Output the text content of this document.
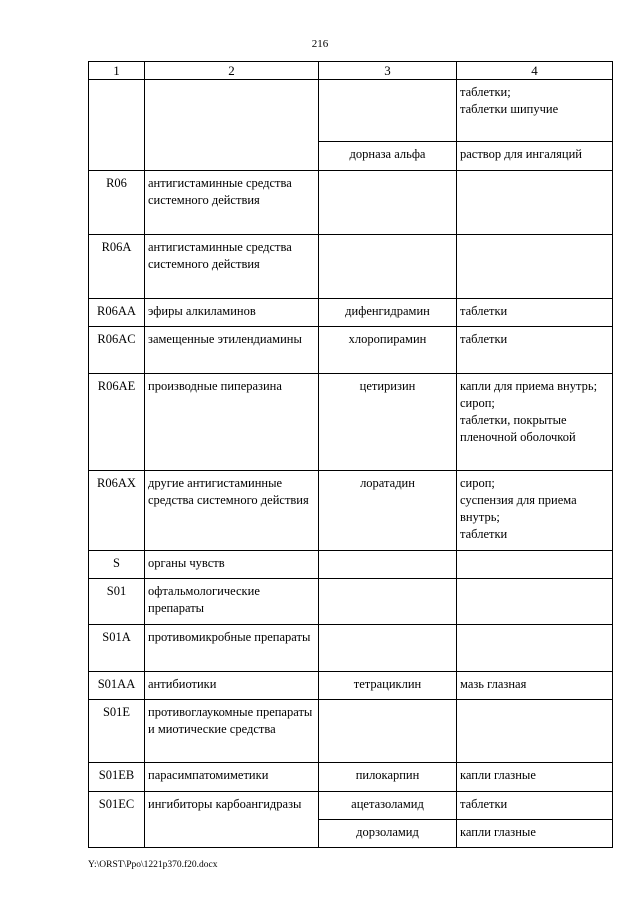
216
1	2	3	4
			таблетки;
таблетки шипучие
		дорназа альфа	раствор для ингаляций
R06	антигистаминные средства системного действия		
R06A	антигистаминные средства системного действия		
R06AA	эфиры алкиламинов	дифенгидрамин	таблетки
R06AC	замещенные этилендиамины	хлоропирамин	таблетки
R06AE	производные пиперазина	цетиризин	капли для приема внутрь;
сироп;
таблетки, покрытые пленочной оболочкой
R06AX	другие антигистаминные средства системного действия	лоратадин	сироп;
суспензия для приема внутрь;
таблетки
S	органы чувств		
S01	офтальмологические препараты		
S01A	противомикробные препараты		
S01AA	антибиотики	тетрациклин	мазь глазная
S01E	противоглаукомные препараты и миотические средства		
S01EB	парасимпатомиметики	пилокарпин	капли глазные
S01EC	ингибиторы карбоангидразы	ацетазоламид	таблетки
		дорзоламид	капли глазные
Y:\ORST\Ppo\1221p370.f20.docx
